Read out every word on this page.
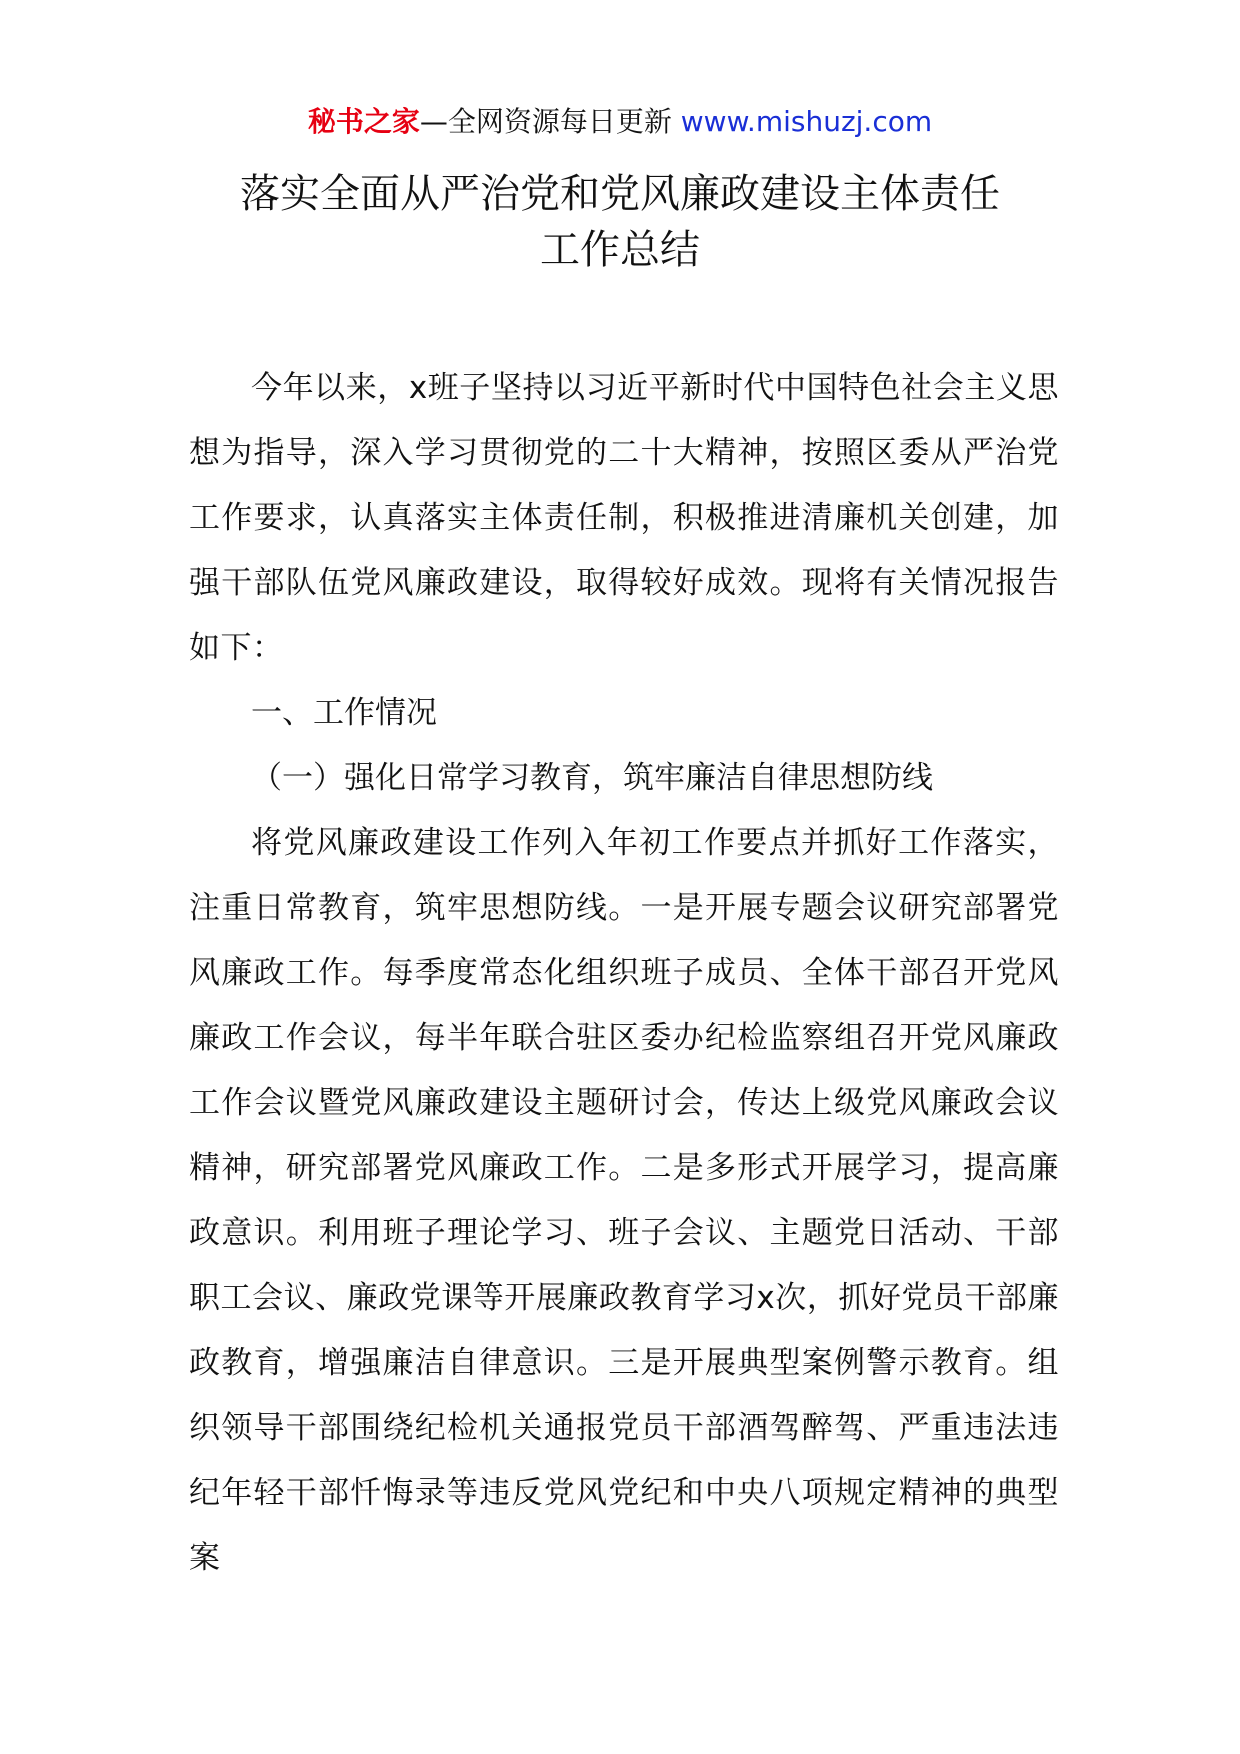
秘书之家—全网资源每日更新 www.mishuzj.com
落实全面从严治党和党风廉政建设主体责任
工作总结

今年以来，x班子坚持以习近平新时代中国特色社会主义思想为指导，深入学习贯彻党的二十大精神，按照区委从严治党工作要求，认真落实主体责任制，积极推进清廉机关创建，加强干部队伍党风廉政建设，取得较好成效。现将有关情况报告如下：

一、工作情况

（一）强化日常学习教育，筑牢廉洁自律思想防线

将党风廉政建设工作列入年初工作要点并抓好工作落实，注重日常教育，筑牢思想防线。一是开展专题会议研究部署党风廉政工作。每季度常态化组织班子成员、全体干部召开党风廉政工作会议，每半年联合驻区委办纪检监察组召开党风廉政工作会议暨党风廉政建设主题研讨会，传达上级党风廉政会议精神，研究部署党风廉政工作。二是多形式开展学习，提高廉政意识。利用班子理论学习、班子会议、主题党日活动、干部职工会议、廉政党课等开展廉政教育学习x次，抓好党员干部廉政教育，增强廉洁自律意识。三是开展典型案例警示教育。组织领导干部围绕纪检机关通报党员干部酒驾醉驾、严重违法违纪年轻干部忏悔录等违反党风党纪和中央八项规定精神的典型案
